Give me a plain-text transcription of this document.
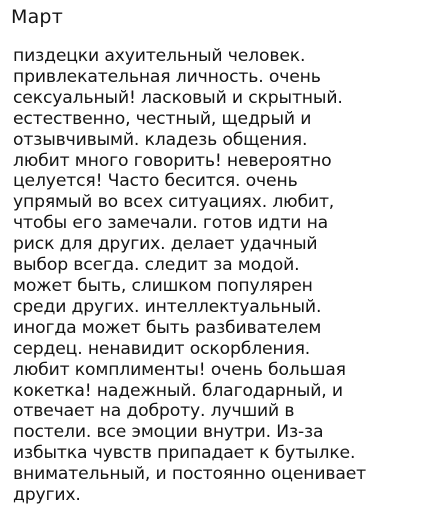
Март
пиздецки ахуительный человек.
привлекательная личность. очень
сексуальный! ласковый и скрытный.
естественно, честный, щедрый и
отзывчивымй. кладезь общения.
любит много говорить! невероятно
целуется! Часто бесится. очень
упрямый во всех ситуациях. любит,
чтобы его замечали. готов идти на
риск для других. делает удачный
выбор всегда. следит за модой.
может быть, слишком популярен
среди других. интеллектуальный.
иногда может быть разбивателем
сердец. ненавидит оскорбления.
любит комплименты! очень большая
кокетка! надежный. благодарный, и
отвечает на доброту. лучший в
постели. все эмоции внутри. Из-за
избытка чувств припадает к бутылке.
внимательный, и постоянно оценивает
других.
